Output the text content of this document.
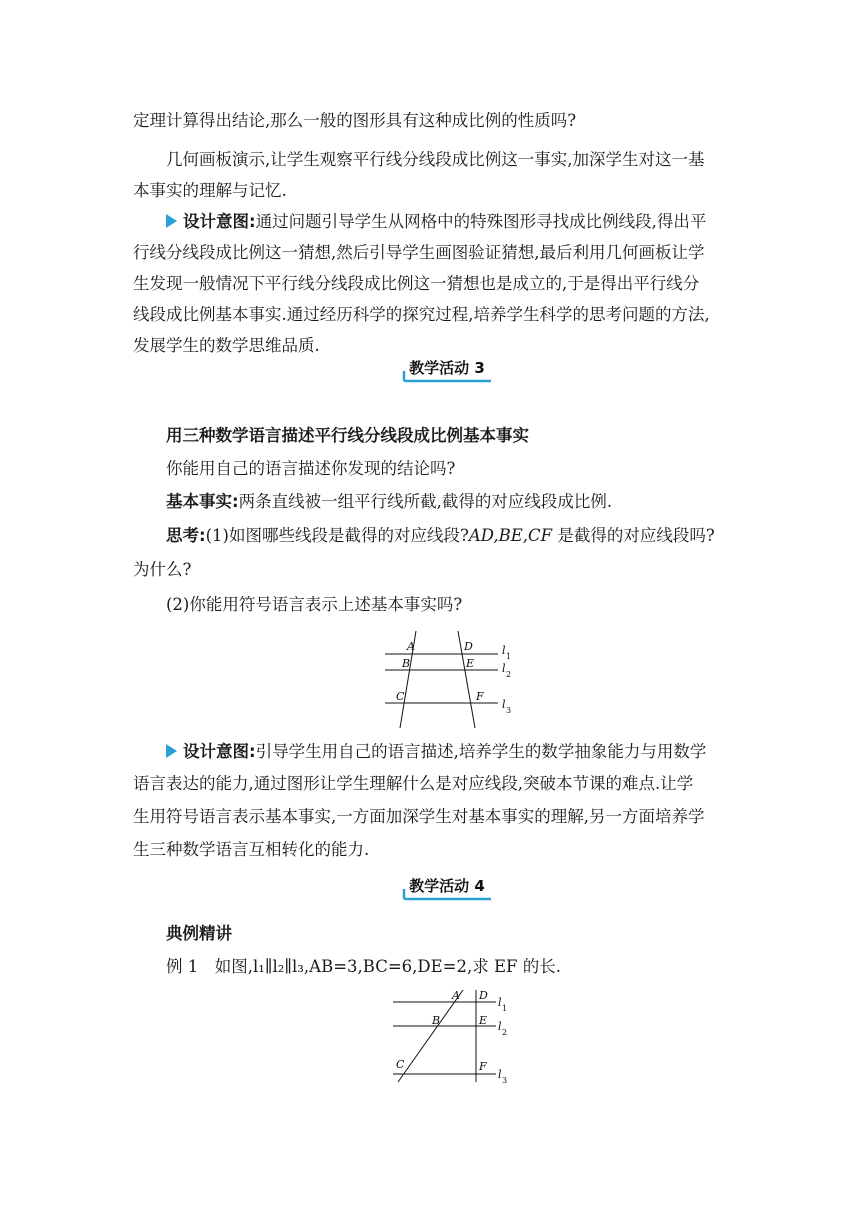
定理计算得出结论,那么一般的图形具有这种成比例的性质吗?
几何画板演示,让学生观察平行线分线段成比例这一事实,加深学生对这一基
本事实的理解与记忆.
设计意图:通过问题引导学生从网格中的特殊图形寻找成比例线段,得出平
行线分线段成比例这一猜想,然后引导学生画图验证猜想,最后利用几何画板让学
生发现一般情况下平行线分线段成比例这一猜想也是成立的,于是得出平行线分
线段成比例基本事实.通过经历科学的探究过程,培养学生科学的思考问题的方法,
发展学生的数学思维品质.
教学活动 3
用三种数学语言描述平行线分线段成比例基本事实
你能用自己的语言描述你发现的结论吗?
基本事实:两条直线被一组平行线所截,截得的对应线段成比例.
思考:(1)如图哪些线段是截得的对应线段?AD,BE,CF 是截得的对应线段吗?
为什么?
(2)你能用符号语言表示上述基本事实吗?
A
B
C
D
E
F
l 1
l 2
l 3
设计意图:引导学生用自己的语言描述,培养学生的数学抽象能力与用数学
语言表达的能力,通过图形让学生理解什么是对应线段,突破本节课的难点.让学
生用符号语言表示基本事实,一方面加深学生对基本事实的理解,另一方面培养学
生三种数学语言互相转化的能力.
教学活动 4
典例精讲
例 1　如图,l₁∥l₂∥l₃,AB=3,BC=6,DE=2,求 EF 的长.
A
B
C
D
E
F
l 1
l 2
l 3
